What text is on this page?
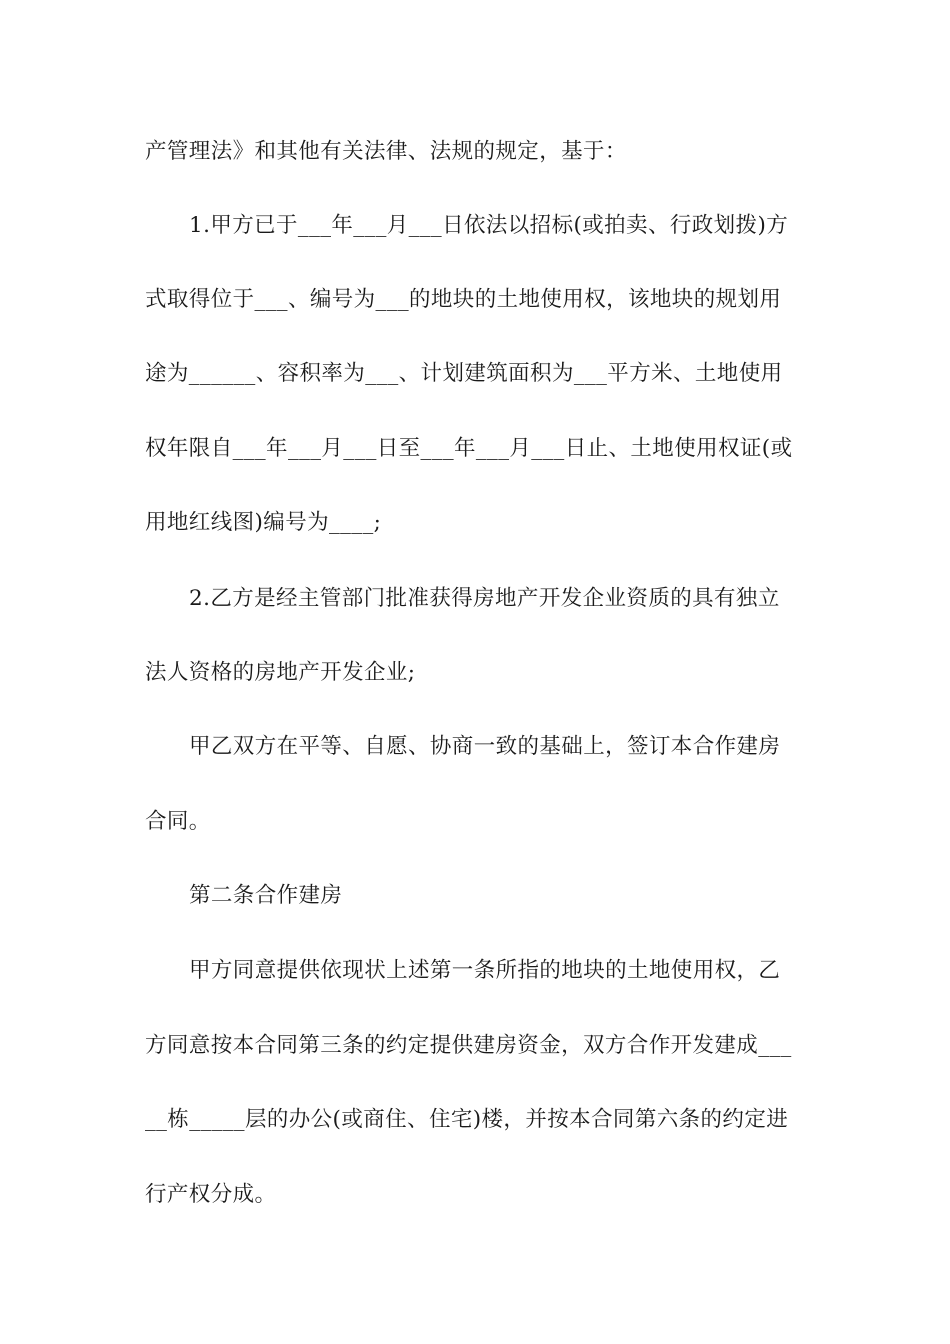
产管理法》和其他有关法律、法规的规定，基于：
1.甲方已于___年___月___日依法以招标(或拍卖、行政划拨)方
式取得位于___、编号为___的地块的土地使用权，该地块的规划用
途为______、容积率为___、计划建筑面积为___平方米、土地使用
权年限自___年___月___日至___年___月___日止、土地使用权证(或
用地红线图)编号为____;
2.乙方是经主管部门批准获得房地产开发企业资质的具有独立
法人资格的房地产开发企业;
甲乙双方在平等、自愿、协商一致的基础上，签订本合作建房
合同。
第二条合作建房
甲方同意提供依现状上述第一条所指的地块的土地使用权，乙
方同意按本合同第三条的约定提供建房资金，双方合作开发建成___
__栋_____层的办公(或商住、住宅)楼，并按本合同第六条的约定进
行产权分成。
